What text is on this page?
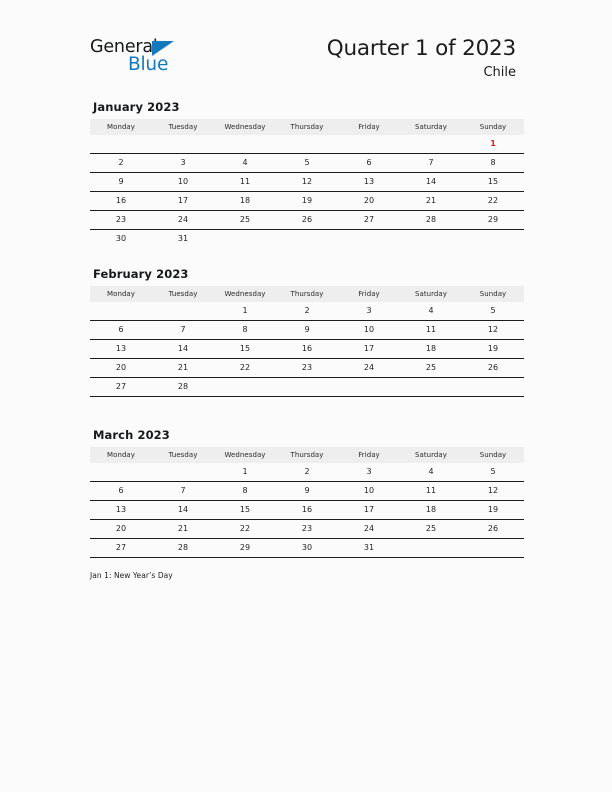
General
Blue
Quarter 1 of 2023
Chile
January 2023
Monday	Tuesday	Wednesday	Thursday	Friday	Saturday	Sunday
						1
2	3	4	5	6	7	8
9	10	11	12	13	14	15
16	17	18	19	20	21	22
23	24	25	26	27	28	29
30	31					
February 2023
Monday	Tuesday	Wednesday	Thursday	Friday	Saturday	Sunday
		1	2	3	4	5
6	7	8	9	10	11	12
13	14	15	16	17	18	19
20	21	22	23	24	25	26
27	28					
March 2023
Monday	Tuesday	Wednesday	Thursday	Friday	Saturday	Sunday
		1	2	3	4	5
6	7	8	9	10	11	12
13	14	15	16	17	18	19
20	21	22	23	24	25	26
27	28	29	30	31		
Jan 1: New Year’s Day
